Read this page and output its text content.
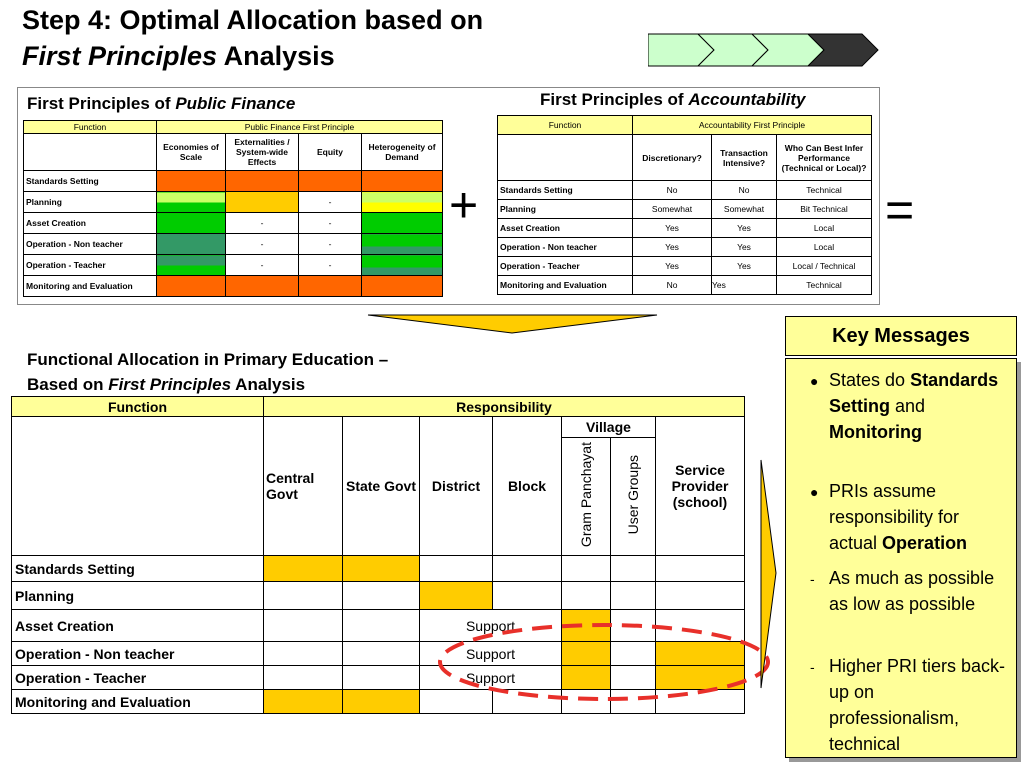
Step 4: Optimal Allocation based on
First Principles Analysis
First Principles of Public Finance
Function	Public Finance First Principle			
	Economies of Scale	Externalities / System-wide Effects	Equity	Heterogeneity of Demand
Standards Setting				
Planning			-	
Asset Creation		-	-	
Operation - Non teacher		-	-	
Operation - Teacher		-	-	
Monitoring and Evaluation				
First Principles of Accountability
Function	Accountability First Principle		
	Discretionary?	Transaction Intensive?	Who Can Best Infer Performance (Technical or Local)?
Standards Setting	No	No	Technical
Planning	Somewhat	Somewhat	Bit Technical
Asset Creation	Yes	Yes	Local
Operation - Non teacher	Yes	Yes	Local
Operation - Teacher	Yes	Yes	Local / Technical
Monitoring and Evaluation	No	Yes	Technical
+	=
Functional Allocation in Primary Education –
Based on First Principles Analysis
Function	Responsibility						
	Central Govt	State Govt	District	Block	Village		Service Provider (school)
					Gram Panchayat	User Groups	
Standards Setting							
Planning							
Asset Creation			Support				
Operation - Non teacher			Support				
Operation - Teacher			Support				
Monitoring and Evaluation							
Key Messages
● States do Standards Setting and Monitoring
● PRIs assume responsibility for actual Operation
- As much as possible as low as possible
- Higher PRI tiers back-up on professionalism, technical
